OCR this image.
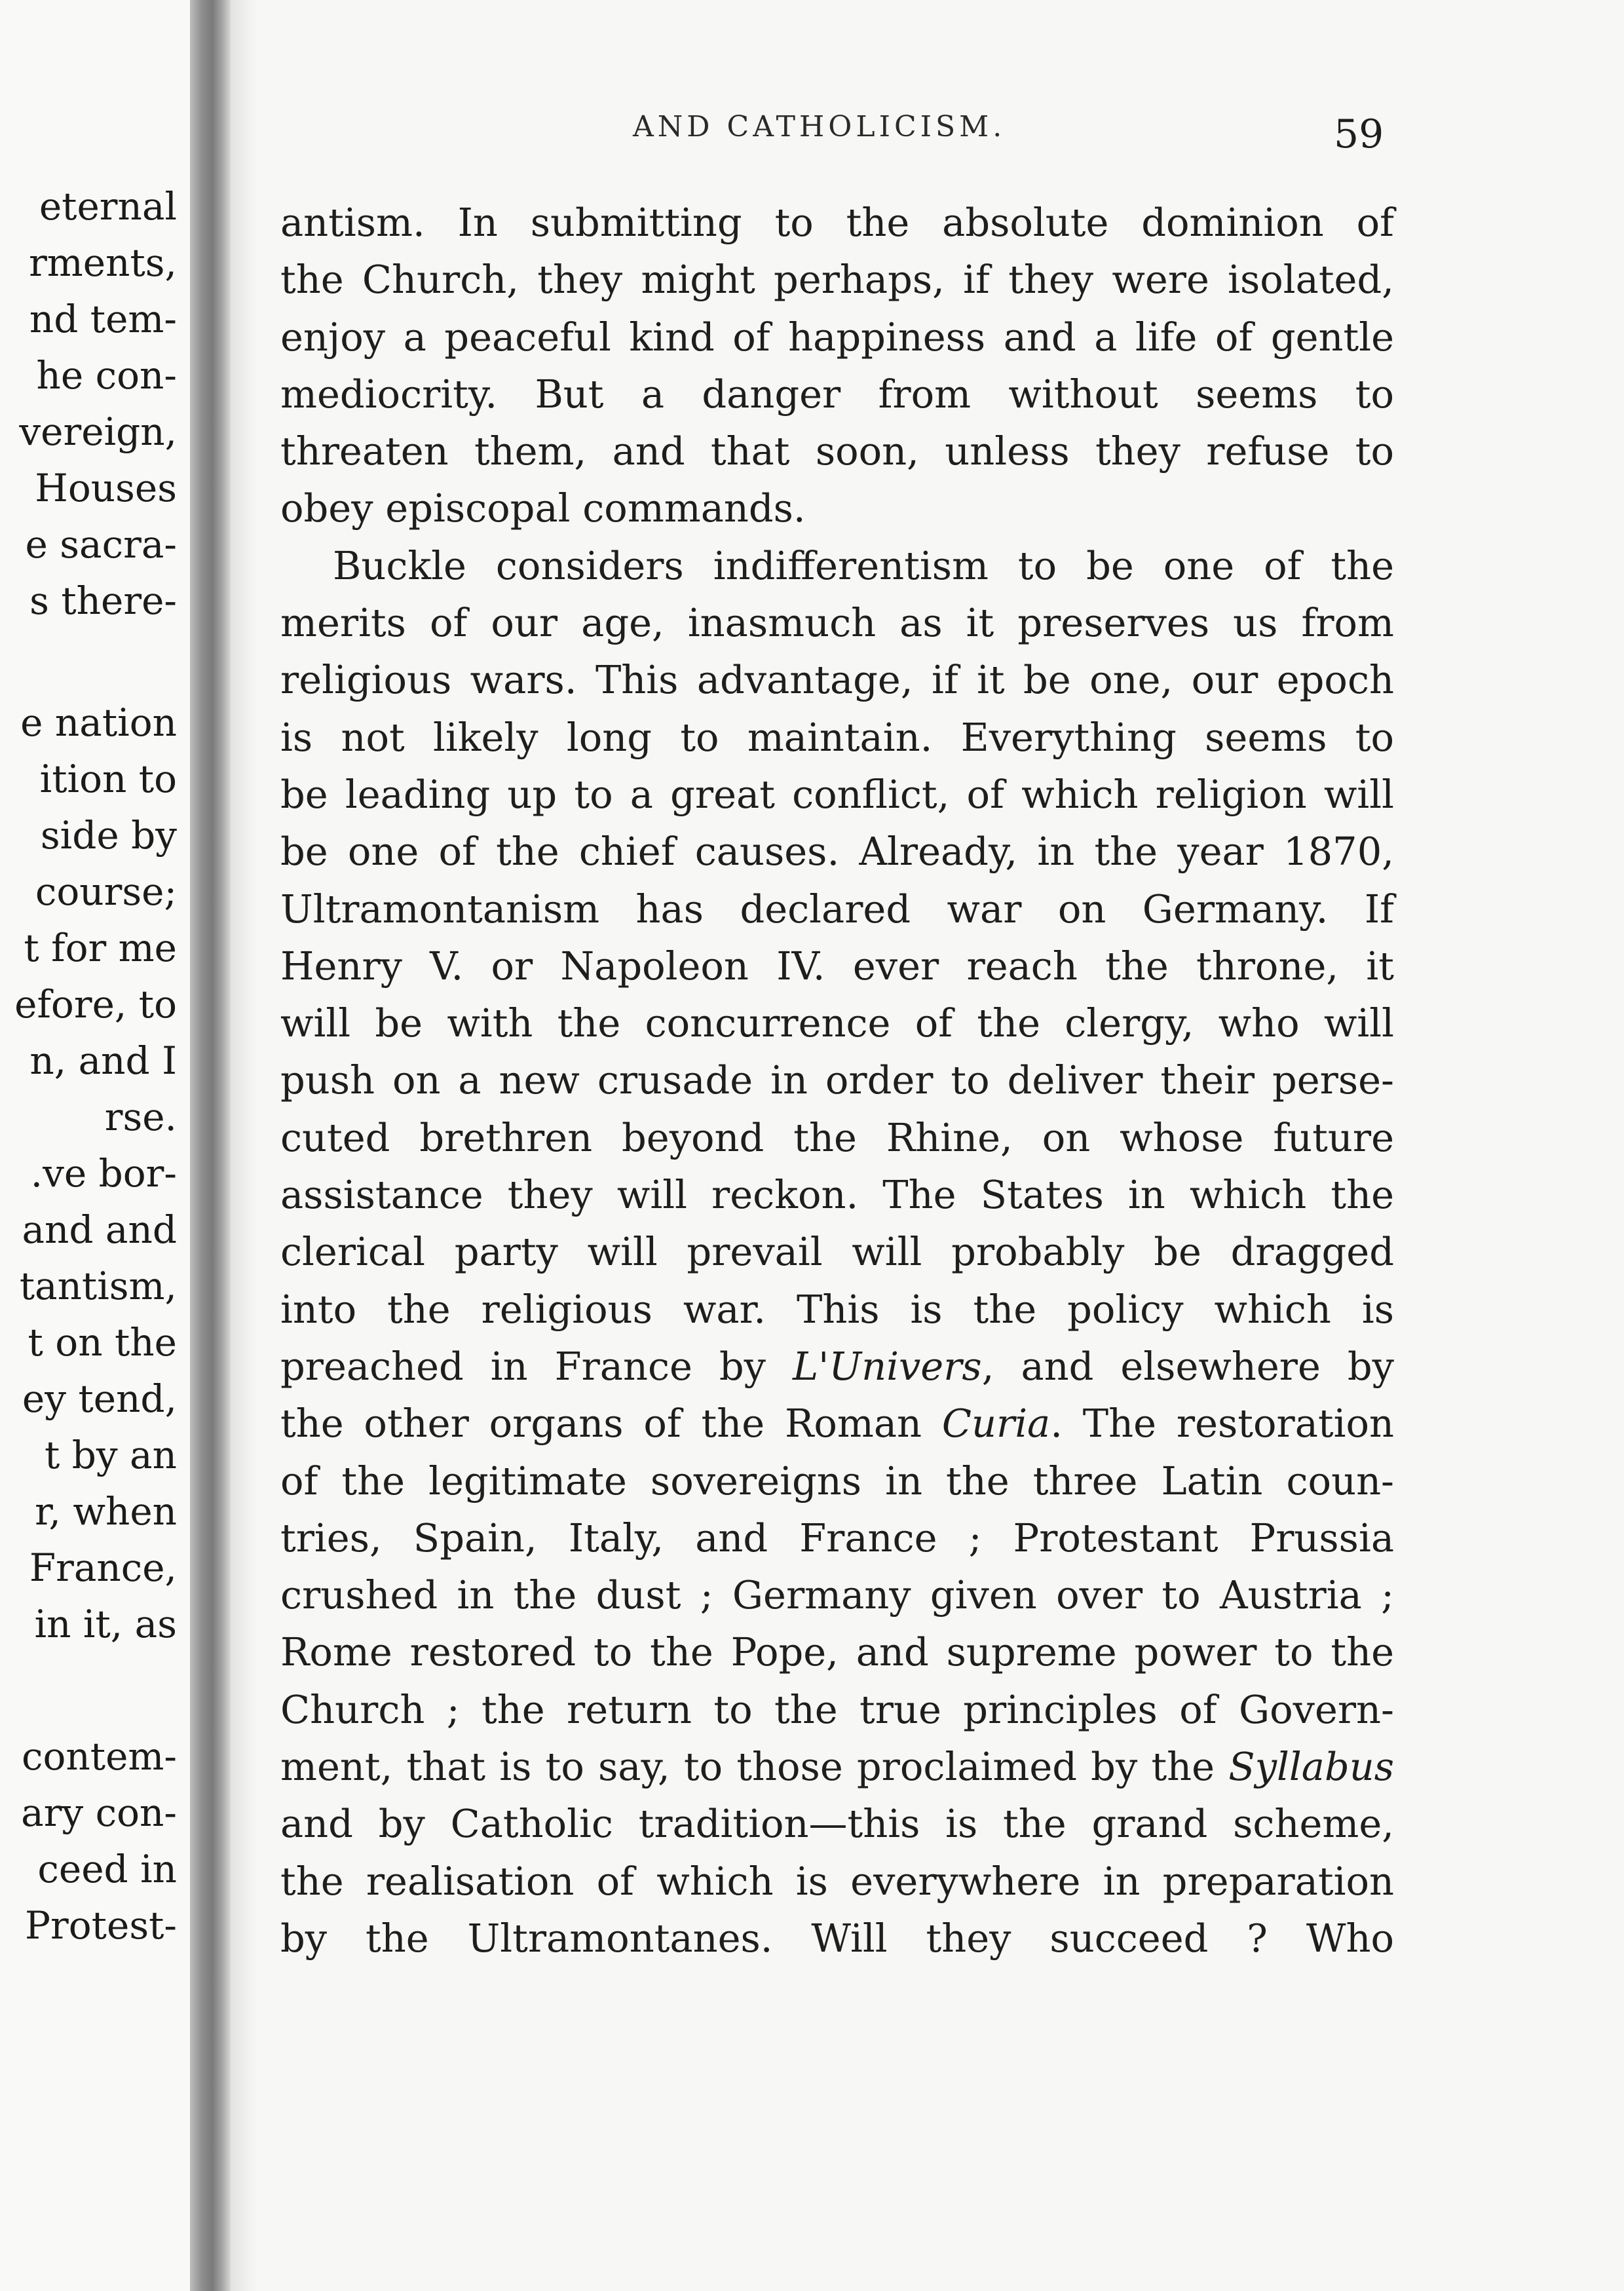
eternal

rments,

nd tem-

he con-

vereign,

Houses

e sacra-

s there-

e nation

ition to

side by

course;

t for me

efore, to

n, and I

rse.

.ve bor-

and and

tantism,

t on the

ey tend,

t by an

r, when

France,

in it, as

contem-

ary con-

ceed in

Protest-

AND CATHOLICISM.	59

antism. In submitting to the absolute dominion of
the Church, they might perhaps, if they were isolated,
enjoy a peaceful kind of happiness and a life of gentle
mediocrity. But a danger from without seems to
threaten them, and that soon, unless they refuse to
obey episcopal commands.
Buckle considers indifferentism to be one of the
merits of our age, inasmuch as it preserves us from
religious wars. This advantage, if it be one, our epoch
is not likely long to maintain. Everything seems to
be leading up to a great conflict, of which religion will
be one of the chief causes. Already, in the year 1870,
Ultramontanism has declared war on Germany. If
Henry V. or Napoleon IV. ever reach the throne, it
will be with the concurrence of the clergy, who will
push on a new crusade in order to deliver their perse-
cuted brethren beyond the Rhine, on whose future
assistance they will reckon. The States in which the
clerical party will prevail will probably be dragged
into the religious war. This is the policy which is
preached in France by L'Univers, and elsewhere by
the other organs of the Roman Curia. The restoration
of the legitimate sovereigns in the three Latin coun-
tries, Spain, Italy, and France ; Protestant Prussia
crushed in the dust ; Germany given over to Austria ;
Rome restored to the Pope, and supreme power to the
Church ; the return to the true principles of Govern-
ment, that is to say, to those proclaimed by the Syllabus
and by Catholic tradition—this is the grand scheme,
the realisation of which is everywhere in preparation
by the Ultramontanes. Will they succeed ? Who
